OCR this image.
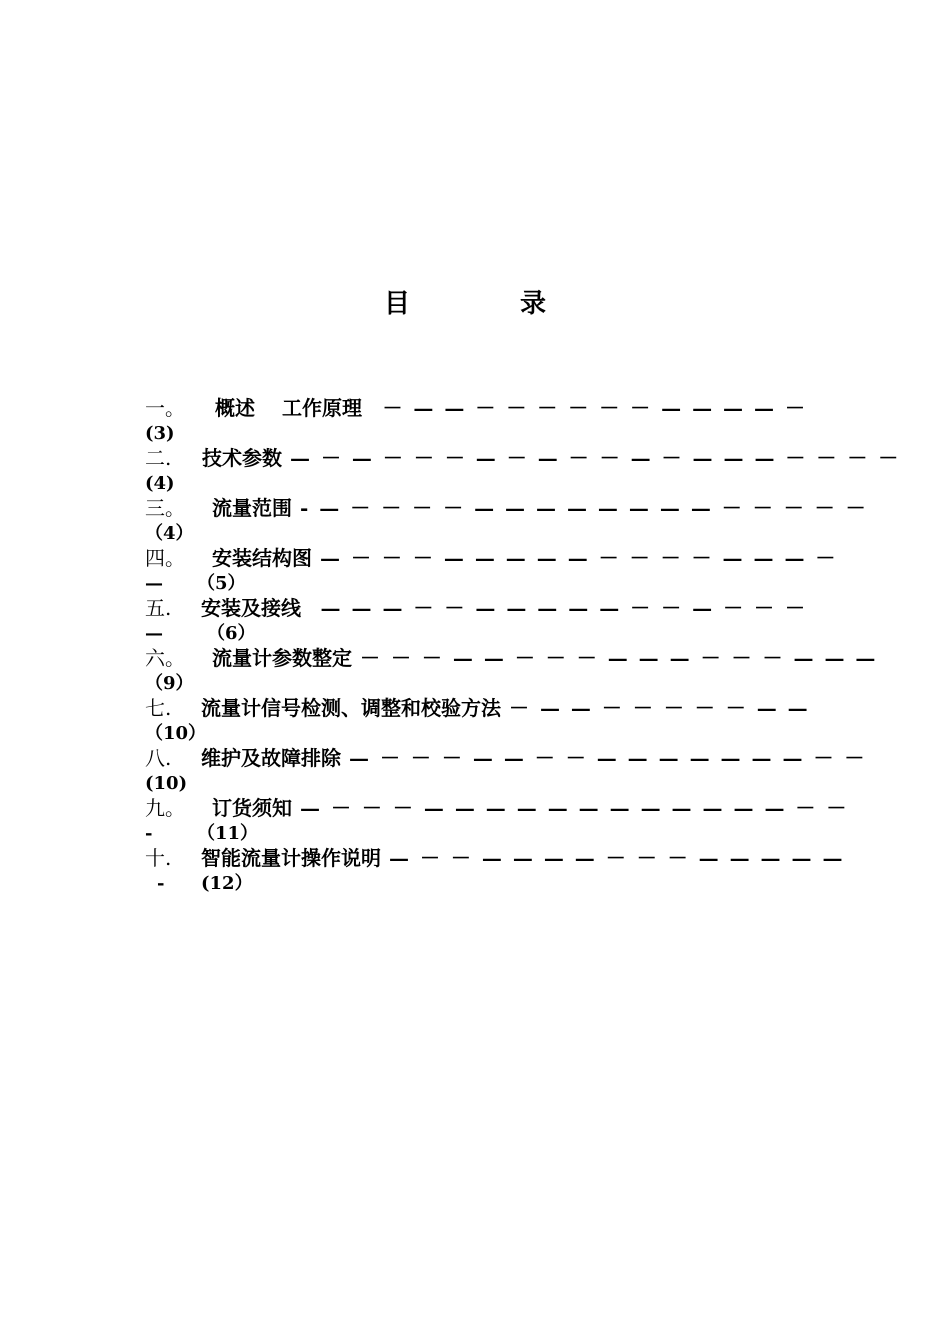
目　录
一。	概述　 工作原理	－ — — － － － － － － — — — — －
(3)
二.	技术参数 — － — － － － — － — － － — － — — — － － － －
(4)
三。	流量范围 - — － － － － — — — — — — — — － － － － －
（4）
四。	安装结构图 — － － － — — — — — － － － － — — — －
— （5）
五.	安装及接线 — — — － － — — — — — － － — － － －
— （6）
六。	流量计参数整定 － － － — — － － － — — — － － － — — —
（9）
七.	流量计信号检测、调整和校验方法 － — — － － － － － — —
（10）
八.	维护及故障排除 — － － － — — － － — — — — — — — － －
(10)
九。	订货须知 — － － － — — — — — — — — — — — — － －
- （11）
十.	智能流量计操作说明 — － － — — — — － － － — — — — —
- (12）
